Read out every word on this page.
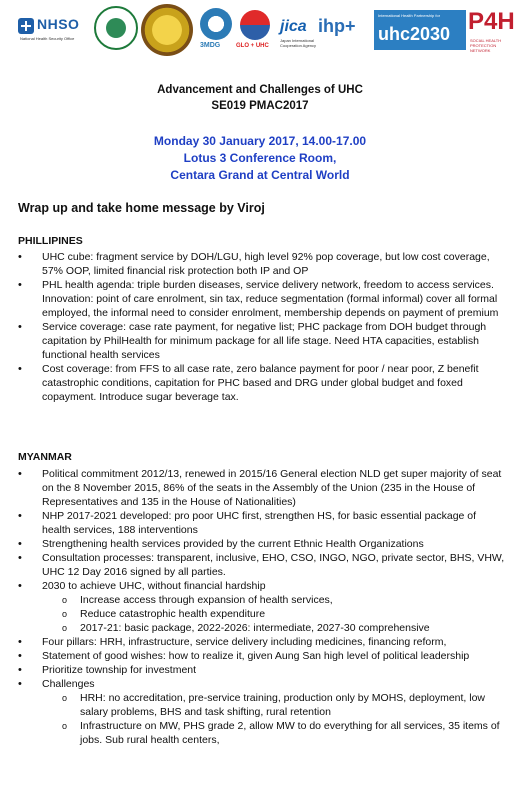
NHSO
National Health Security Office
3MDG	GLO + UHC
jica
Japan International Cooperation Agency
ihp+
International Health Partnership for
uhc2030 P4H
SOCIAL HEALTH PROTECTION NETWORK
Advancement and Challenges of UHC
SE019 PMAC2017
Monday 30 January 2017, 14.00-17.00
Lotus 3 Conference Room,
Centara Grand at Central World
Wrap up and take home message by Viroj
PHILLIPINES
• UHC cube: fragment service by DOH/LGU, high level 92% pop coverage, but low cost coverage, 57% OOP, limited financial risk protection both IP and OP
• PHL health agenda: triple burden diseases, service delivery network, freedom to access services. Innovation: point of care enrolment, sin tax, reduce segmentation (formal informal) cover all formal employed, the informal need to consider enrolment, membership depends on payment of premium
• Service coverage: case rate payment, for negative list; PHC package from DOH budget through capitation by PhilHealth for minimum package for all life stage. Need HTA capacities, establish functional health services
• Cost coverage: from FFS to all case rate, zero balance payment for poor / near poor, Z benefit catastrophic conditions, capitation for PHC based and DRG under global budget and foxed copayment. Introduce sugar beverage tax.
MYANMAR
• Political commitment 2012/13, renewed in 2015/16 General election NLD get super majority of seat on the 8 November 2015, 86% of the seats in the Assembly of the Union (235 in the House of Representatives and 135 in the House of Nationalities)
• NHP 2017-2021 developed: pro poor UHC first, strengthen HS, for basic essential package of health services, 188 interventions
• Strengthening health services provided by the current Ethnic Health Organizations
• Consultation processes: transparent, inclusive, EHO, CSO, INGO, NGO, private sector, BHS, VHW, UHC 12 Day 2016 signed by all parties.
• 2030 to achieve UHC, without financial hardship
o Increase access through expansion of health services,
o Reduce catastrophic health expenditure
o 2017-21: basic package, 2022-2026: intermediate, 2027-30 comprehensive
• Four pillars: HRH, infrastructure, service delivery including medicines, financing reform,
• Statement of good wishes: how to realize it, given Aung San high level of political leadership
• Prioritize township for investment
• Challenges
o HRH: no accreditation, pre-service training, production only by MOHS, deployment, low salary problems, BHS and task shifting, rural retention
o Infrastructure on MW, PHS grade 2, allow MW to do everything for all services, 35 items of jobs. Sub rural health centers,
